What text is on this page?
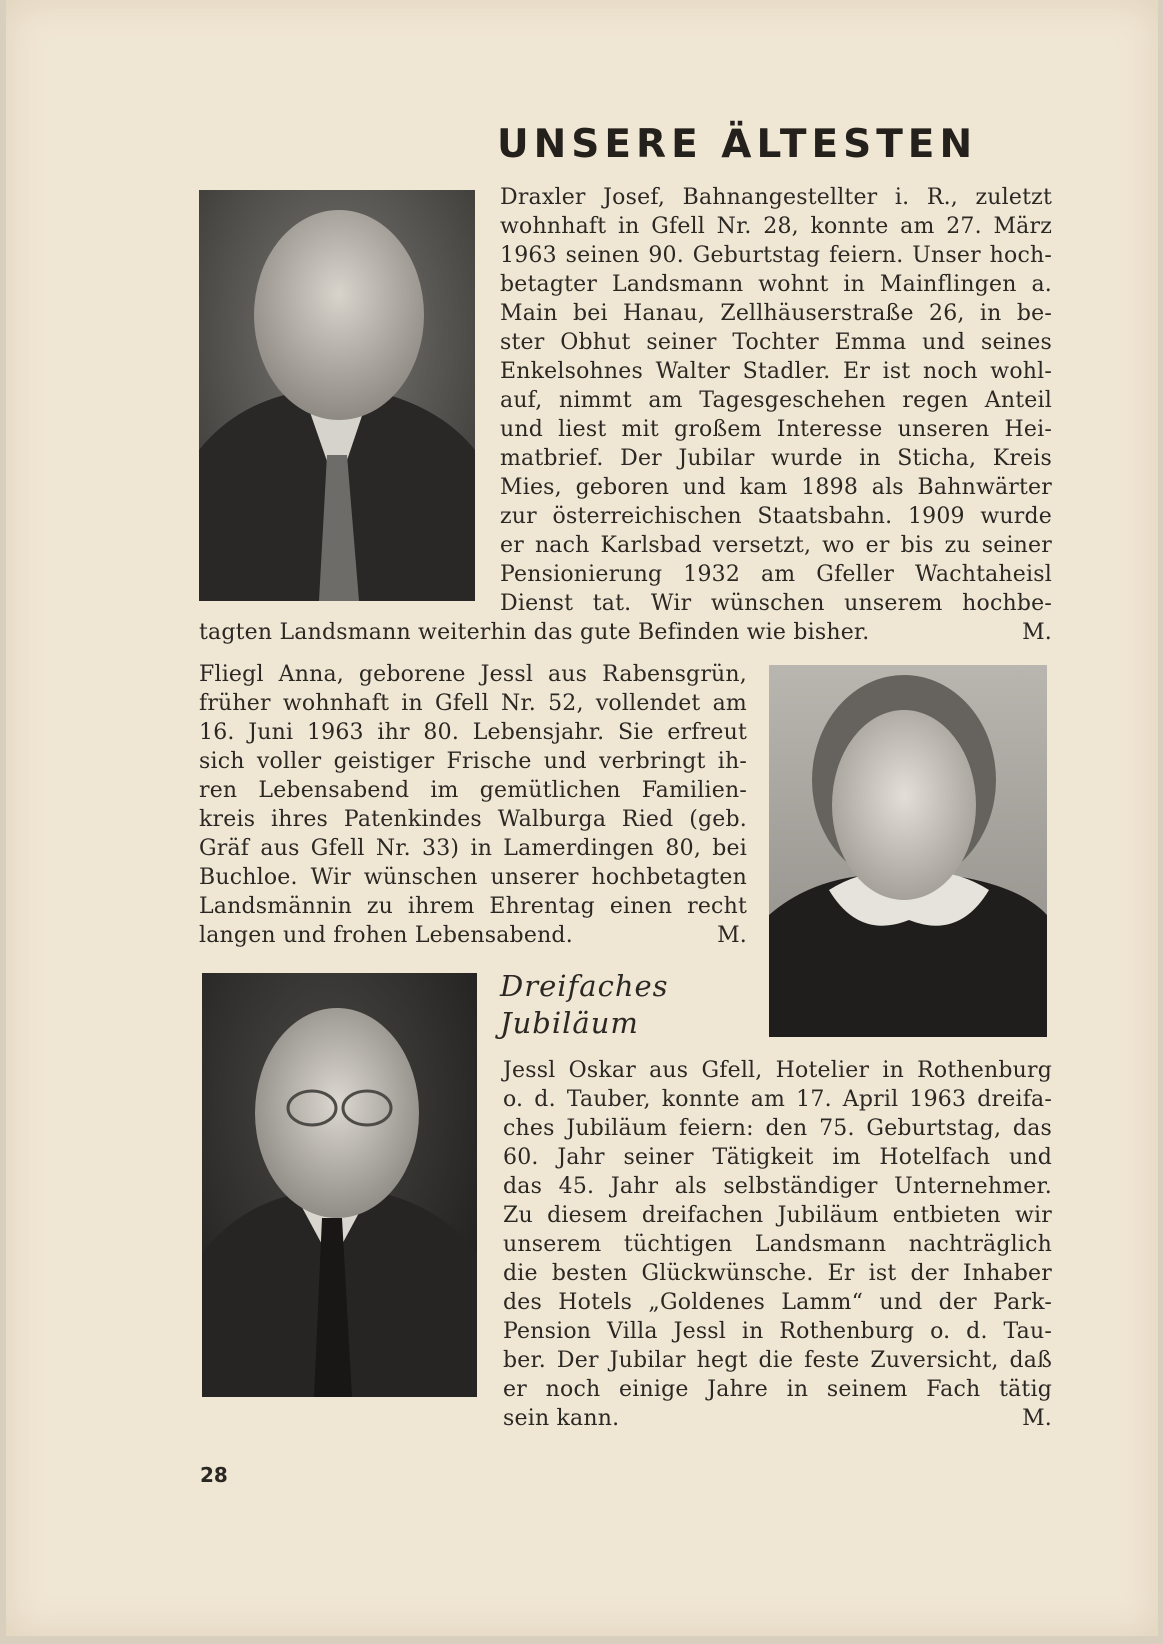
UNSERE ÄLTESTEN
Draxler Josef, Bahnangestellter i. R., zuletzt
wohnhaft in Gfell Nr. 28, konnte am 27. März
1963 seinen 90. Geburtstag feiern. Unser hoch-
betagter Landsmann wohnt in Mainflingen a.
Main bei Hanau, Zellhäuserstraße 26, in be-
ster Obhut seiner Tochter Emma und seines
Enkelsohnes Walter Stadler. Er ist noch wohl-
auf, nimmt am Tagesgeschehen regen Anteil
und liest mit großem Interesse unseren Hei-
matbrief. Der Jubilar wurde in Sticha, Kreis
Mies, geboren und kam 1898 als Bahnwärter
zur österreichischen Staatsbahn. 1909 wurde
er nach Karlsbad versetzt, wo er bis zu seiner
Pensionierung 1932 am Gfeller Wachtaheisl
Dienst tat. Wir wünschen unserem hochbe-
tagten Landsmann weiterhin das gute Befinden wie bisher.	M.
Fliegl Anna, geborene Jessl aus Rabensgrün,
früher wohnhaft in Gfell Nr. 52, vollendet am
16. Juni 1963 ihr 80. Lebensjahr. Sie erfreut
sich voller geistiger Frische und verbringt ih-
ren Lebensabend im gemütlichen Familien-
kreis ihres Patenkindes Walburga Ried (geb.
Gräf aus Gfell Nr. 33) in Lamerdingen 80, bei
Buchloe. Wir wünschen unserer hochbetagten
Landsmännin zu ihrem Ehrentag einen recht
langen und frohen Lebensabend.	M.
Dreifaches
Jubiläum
Jessl Oskar aus Gfell, Hotelier in Rothenburg
o. d. Tauber, konnte am 17. April 1963 dreifa-
ches Jubiläum feiern: den 75. Geburtstag, das
60. Jahr seiner Tätigkeit im Hotelfach und
das 45. Jahr als selbständiger Unternehmer.
Zu diesem dreifachen Jubiläum entbieten wir
unserem tüchtigen Landsmann nachträglich
die besten Glückwünsche. Er ist der Inhaber
des Hotels „Goldenes Lamm“ und der Park-
Pension Villa Jessl in Rothenburg o. d. Tau-
ber. Der Jubilar hegt die feste Zuversicht, daß
er noch einige Jahre in seinem Fach tätig
sein kann.	M.
28
